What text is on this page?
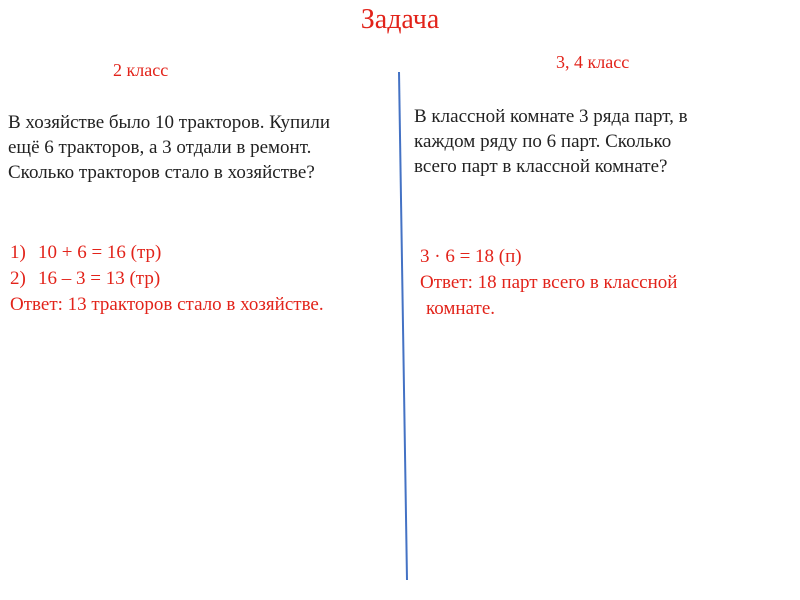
Задача
2 класс
В хозяйстве было 10 тракторов. Купили
ещё 6 тракторов, а 3 отдали в ремонт.
Сколько тракторов стало в хозяйстве?
1) 10 + 6 = 16 (тр)
2) 16 – 3 = 13 (тр)
Ответ: 13 тракторов стало в хозяйстве.
3, 4 класс
В классной комнате 3 ряда парт, в
каждом ряду по 6 парт. Сколько
всего парт в классной комнате?
3 · 6 = 18 (п)
Ответ: 18 парт всего в классной
комнате.
